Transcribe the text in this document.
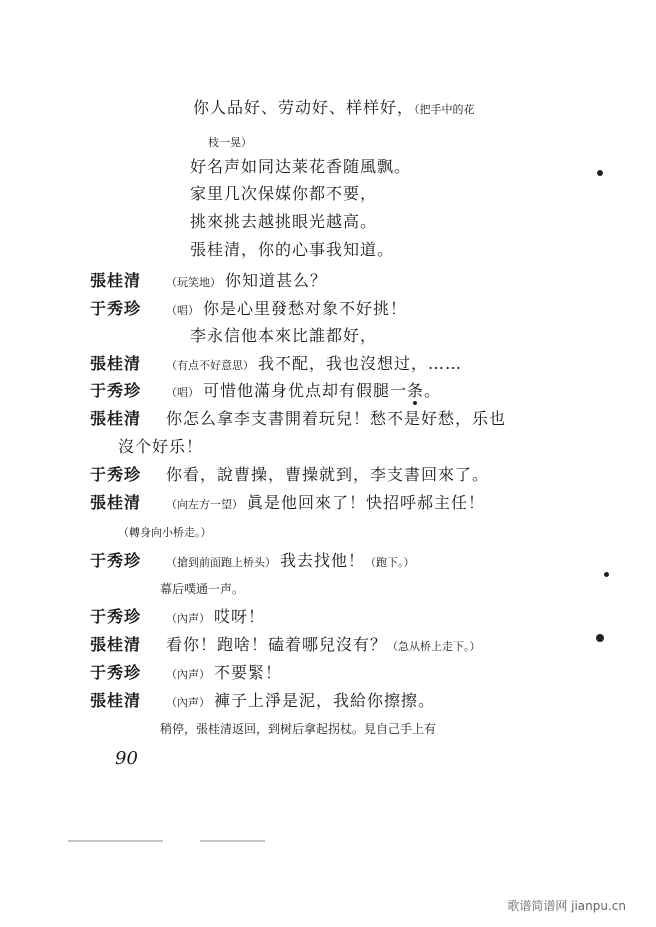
你人品好、劳动好、样样好，（把手中的花
枝一晃）
好名声如同达莱花香随風飘。
家里几次保媒你都不要，
挑來挑去越挑眼光越高。
張桂清，你的心事我知道。
張桂清 （玩笑地） 你知道甚么？
于秀珍 （唱） 你是心里發愁对象不好挑！
李永信他本來比誰都好，
張桂清 （有点不好意思） 我不配，我也沒想过，……
于秀珍 （唱） 可惜他滿身优点却有假腿一条。
張桂清 你怎么拿李支書開着玩兒！愁不是好愁，乐也
沒个好乐！
于秀珍 你看，說曹操，曹操就到，李支書回來了。
張桂清 （向左方一望） 眞是他回來了！快招呼郝主任！
（轉身向小桥走。）
于秀珍 （搶到前面跑上桥头） 我去找他！（跑下。）
幕后噗通一声。
于秀珍 （內声） 哎呀！
張桂清 看你！跑啥！磕着哪兒沒有？（急从桥上走下。）
于秀珍 （內声） 不要緊！
張桂清 （內声） 褲子上淨是泥，我給你擦擦。
稍停，張桂清返回，到树后拿起拐杖。見自己手上有
90
歌谱简谱网 jianpu.cn
